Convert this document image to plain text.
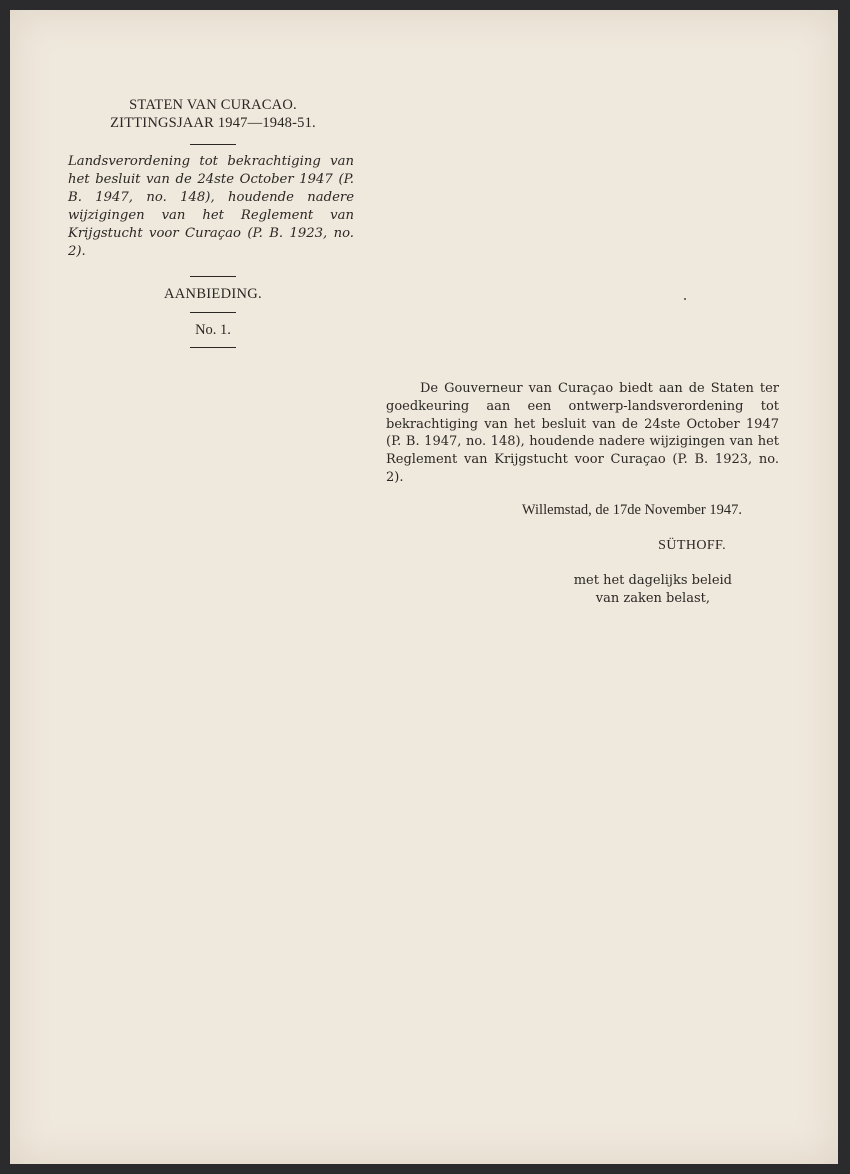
STATEN VAN CURACAO.
ZITTINGSJAAR 1947—1948-51.
Landsverordening tot bekrachtiging van het besluit van de 24ste October 1947 (P. B. 1947, no. 148), houdende nadere wijzigingen van het Reglement van Krijgstucht voor Curaçao (P. B. 1923, no. 2).
AANBIEDING.
No. 1.
De Gouverneur van Curaçao biedt aan de Staten ter goedkeuring aan een ontwerp-landsverordening tot bekrachtiging van het besluit van de 24ste October 1947 (P. B. 1947, no. 148), houdende nadere wijzigingen van het Reglement van Krijgstucht voor Curaçao (P. B. 1923, no. 2).
Willemstad, de 17de November 1947.
SÜTHOFF.
met het dagelijks beleid
van zaken belast,
